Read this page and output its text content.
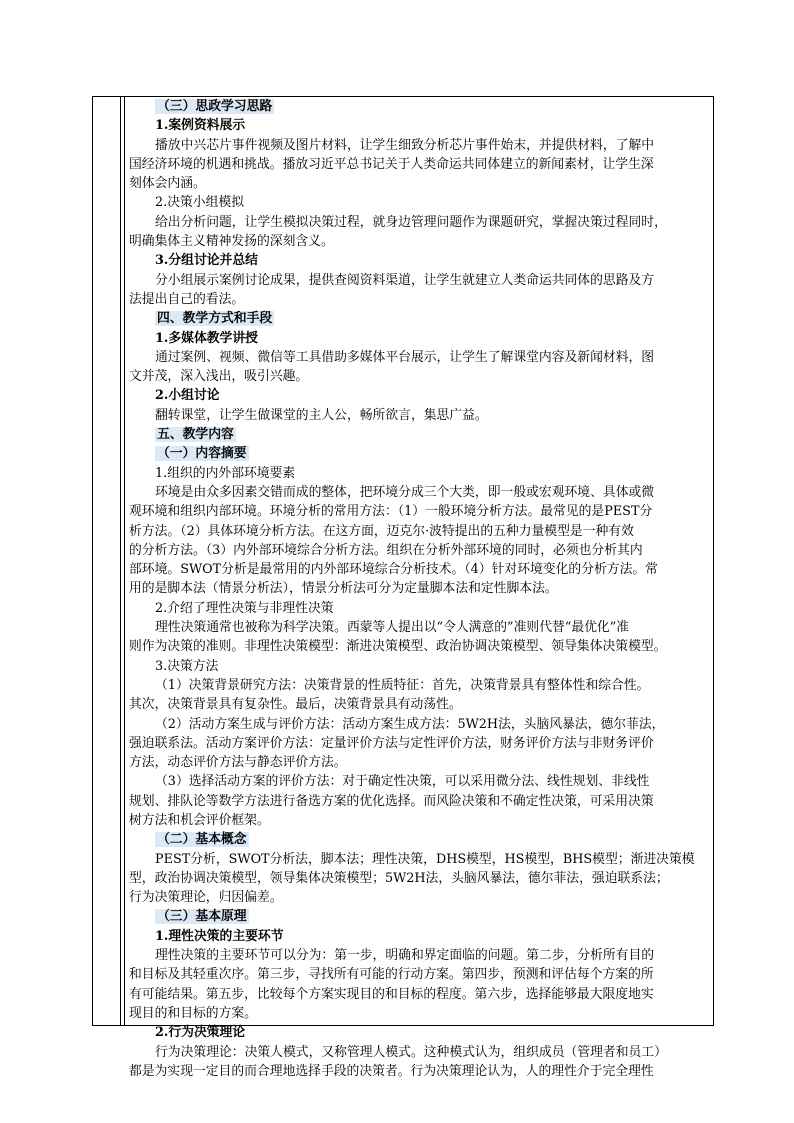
（三）思政学习思路

1.案例资料展示

播放中兴芯片事件视频及图片材料，让学生细致分析芯片事件始末，并提供材料，了解中

国经济环境的机遇和挑战。播放习近平总书记关于人类命运共同体建立的新闻素材，让学生深

刻体会内涵。

2.决策小组模拟

给出分析问题，让学生模拟决策过程，就身边管理问题作为课题研究，掌握决策过程同时，

明确集体主义精神发扬的深刻含义。

3.分组讨论并总结

分小组展示案例讨论成果，提供查阅资料渠道，让学生就建立人类命运共同体的思路及方

法提出自己的看法。

四、教学方式和手段

1.多媒体教学讲授

通过案例、视频、微信等工具借助多媒体平台展示，让学生了解课堂内容及新闻材料，图

文并茂，深入浅出，吸引兴趣。

2.小组讨论

翻转课堂，让学生做课堂的主人公，畅所欲言，集思广益。

五、教学内容

（一）内容摘要

1.组织的内外部环境要素

环境是由众多因素交错而成的整体，把环境分成三个大类，即一般或宏观环境、具体或微

观环境和组织内部环境。环境分析的常用方法：（1）一般环境分析方法。最常见的是PEST分

析方法。（2）具体环境分析方法。在这方面，迈克尔·波特提出的五种力量模型是一种有效

的分析方法。（3）内外部环境综合分析方法。组织在分析外部环境的同时，必须也分析其内

部环境。SWOT分析是最常用的内外部环境综合分析技术。（4）针对环境变化的分析方法。常

用的是脚本法（情景分析法），情景分析法可分为定量脚本法和定性脚本法。

2.介绍了理性决策与非理性决策

理性决策通常也被称为科学决策。西蒙等人提出以“令人满意的”准则代替“最优化”准

则作为决策的准则。非理性决策模型：渐进决策模型、政治协调决策模型、领导集体决策模型。

3.决策方法

（1）决策背景研究方法：决策背景的性质特征：首先，决策背景具有整体性和综合性。

其次，决策背景具有复杂性。最后，决策背景具有动荡性。

（2）活动方案生成与评价方法：活动方案生成方法：5W2H法，头脑风暴法，德尔菲法，

强迫联系法。活动方案评价方法：定量评价方法与定性评价方法，财务评价方法与非财务评价

方法，动态评价方法与静态评价方法。

（3）选择活动方案的评价方法：对于确定性决策，可以采用微分法、线性规划、非线性

规划、排队论等数学方法进行备选方案的优化选择。而风险决策和不确定性决策，可采用决策

树方法和机会评价框架。

（二）基本概念

PEST分析，SWOT分析法，脚本法；理性决策，DHS模型，HS模型，BHS模型；渐进决策模

型，政治协调决策模型，领导集体决策模型；5W2H法，头脑风暴法，德尔菲法，强迫联系法；

行为决策理论，归因偏差。

（三）基本原理

1.理性决策的主要环节

理性决策的主要环节可以分为：第一步，明确和界定面临的问题。第二步，分析所有目的

和目标及其轻重次序。第三步，寻找所有可能的行动方案。第四步，预测和评估每个方案的所

有可能结果。第五步，比较每个方案实现目的和目标的程度。第六步，选择能够最大限度地实

现目的和目标的方案。

2.行为决策理论

行为决策理论：决策人模式，又称管理人模式。这种模式认为，组织成员（管理者和员工）

都是为实现一定目的而合理地选择手段的决策者。行为决策理论认为，人的理性介于完全理性
